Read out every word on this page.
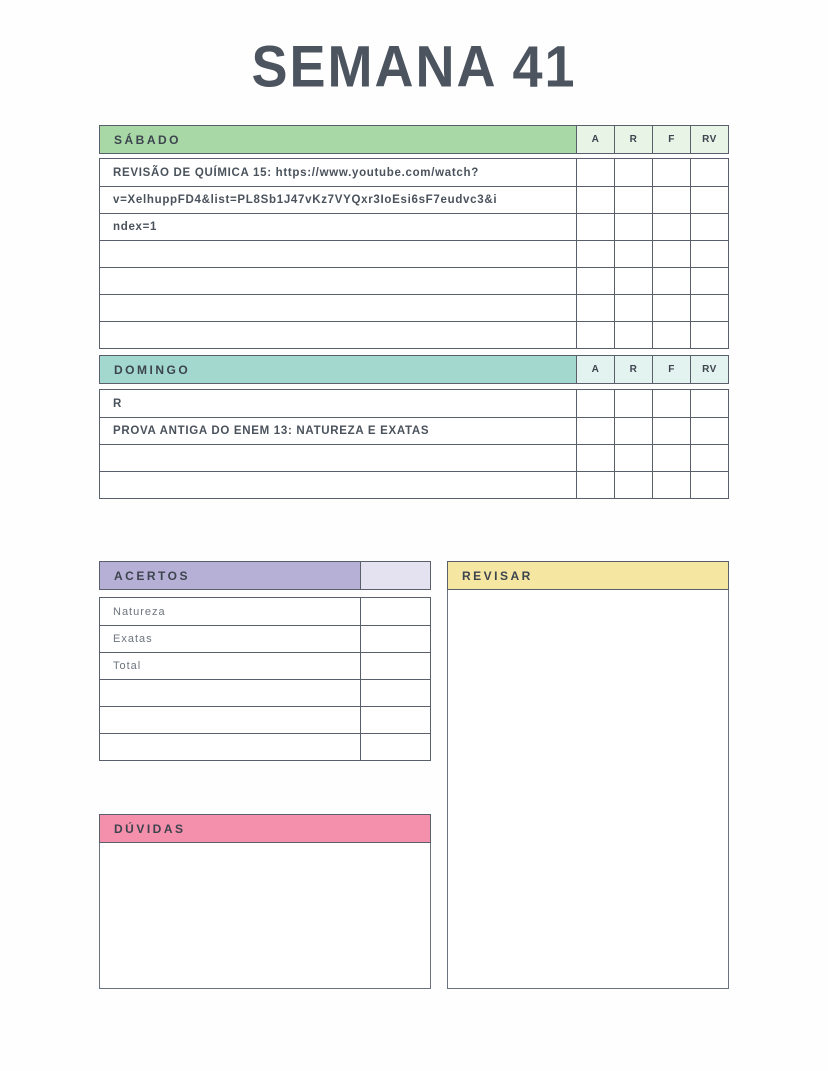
SEMANA 41
SÁBADO	A	R	F	RV
REVISÃO DE QUÍMICA 15: https://www.youtube.com/watch?
v=XelhuppFD4&list=PL8Sb1J47vKz7VYQxr3IoEsi6sF7eudvc3&i
ndex=1
DOMINGO	A	R	F	RV
R
PROVA ANTIGA DO ENEM 13: NATUREZA E EXATAS
ACERTOS
Natureza
Exatas
Total
REVISAR
DÚVIDAS
